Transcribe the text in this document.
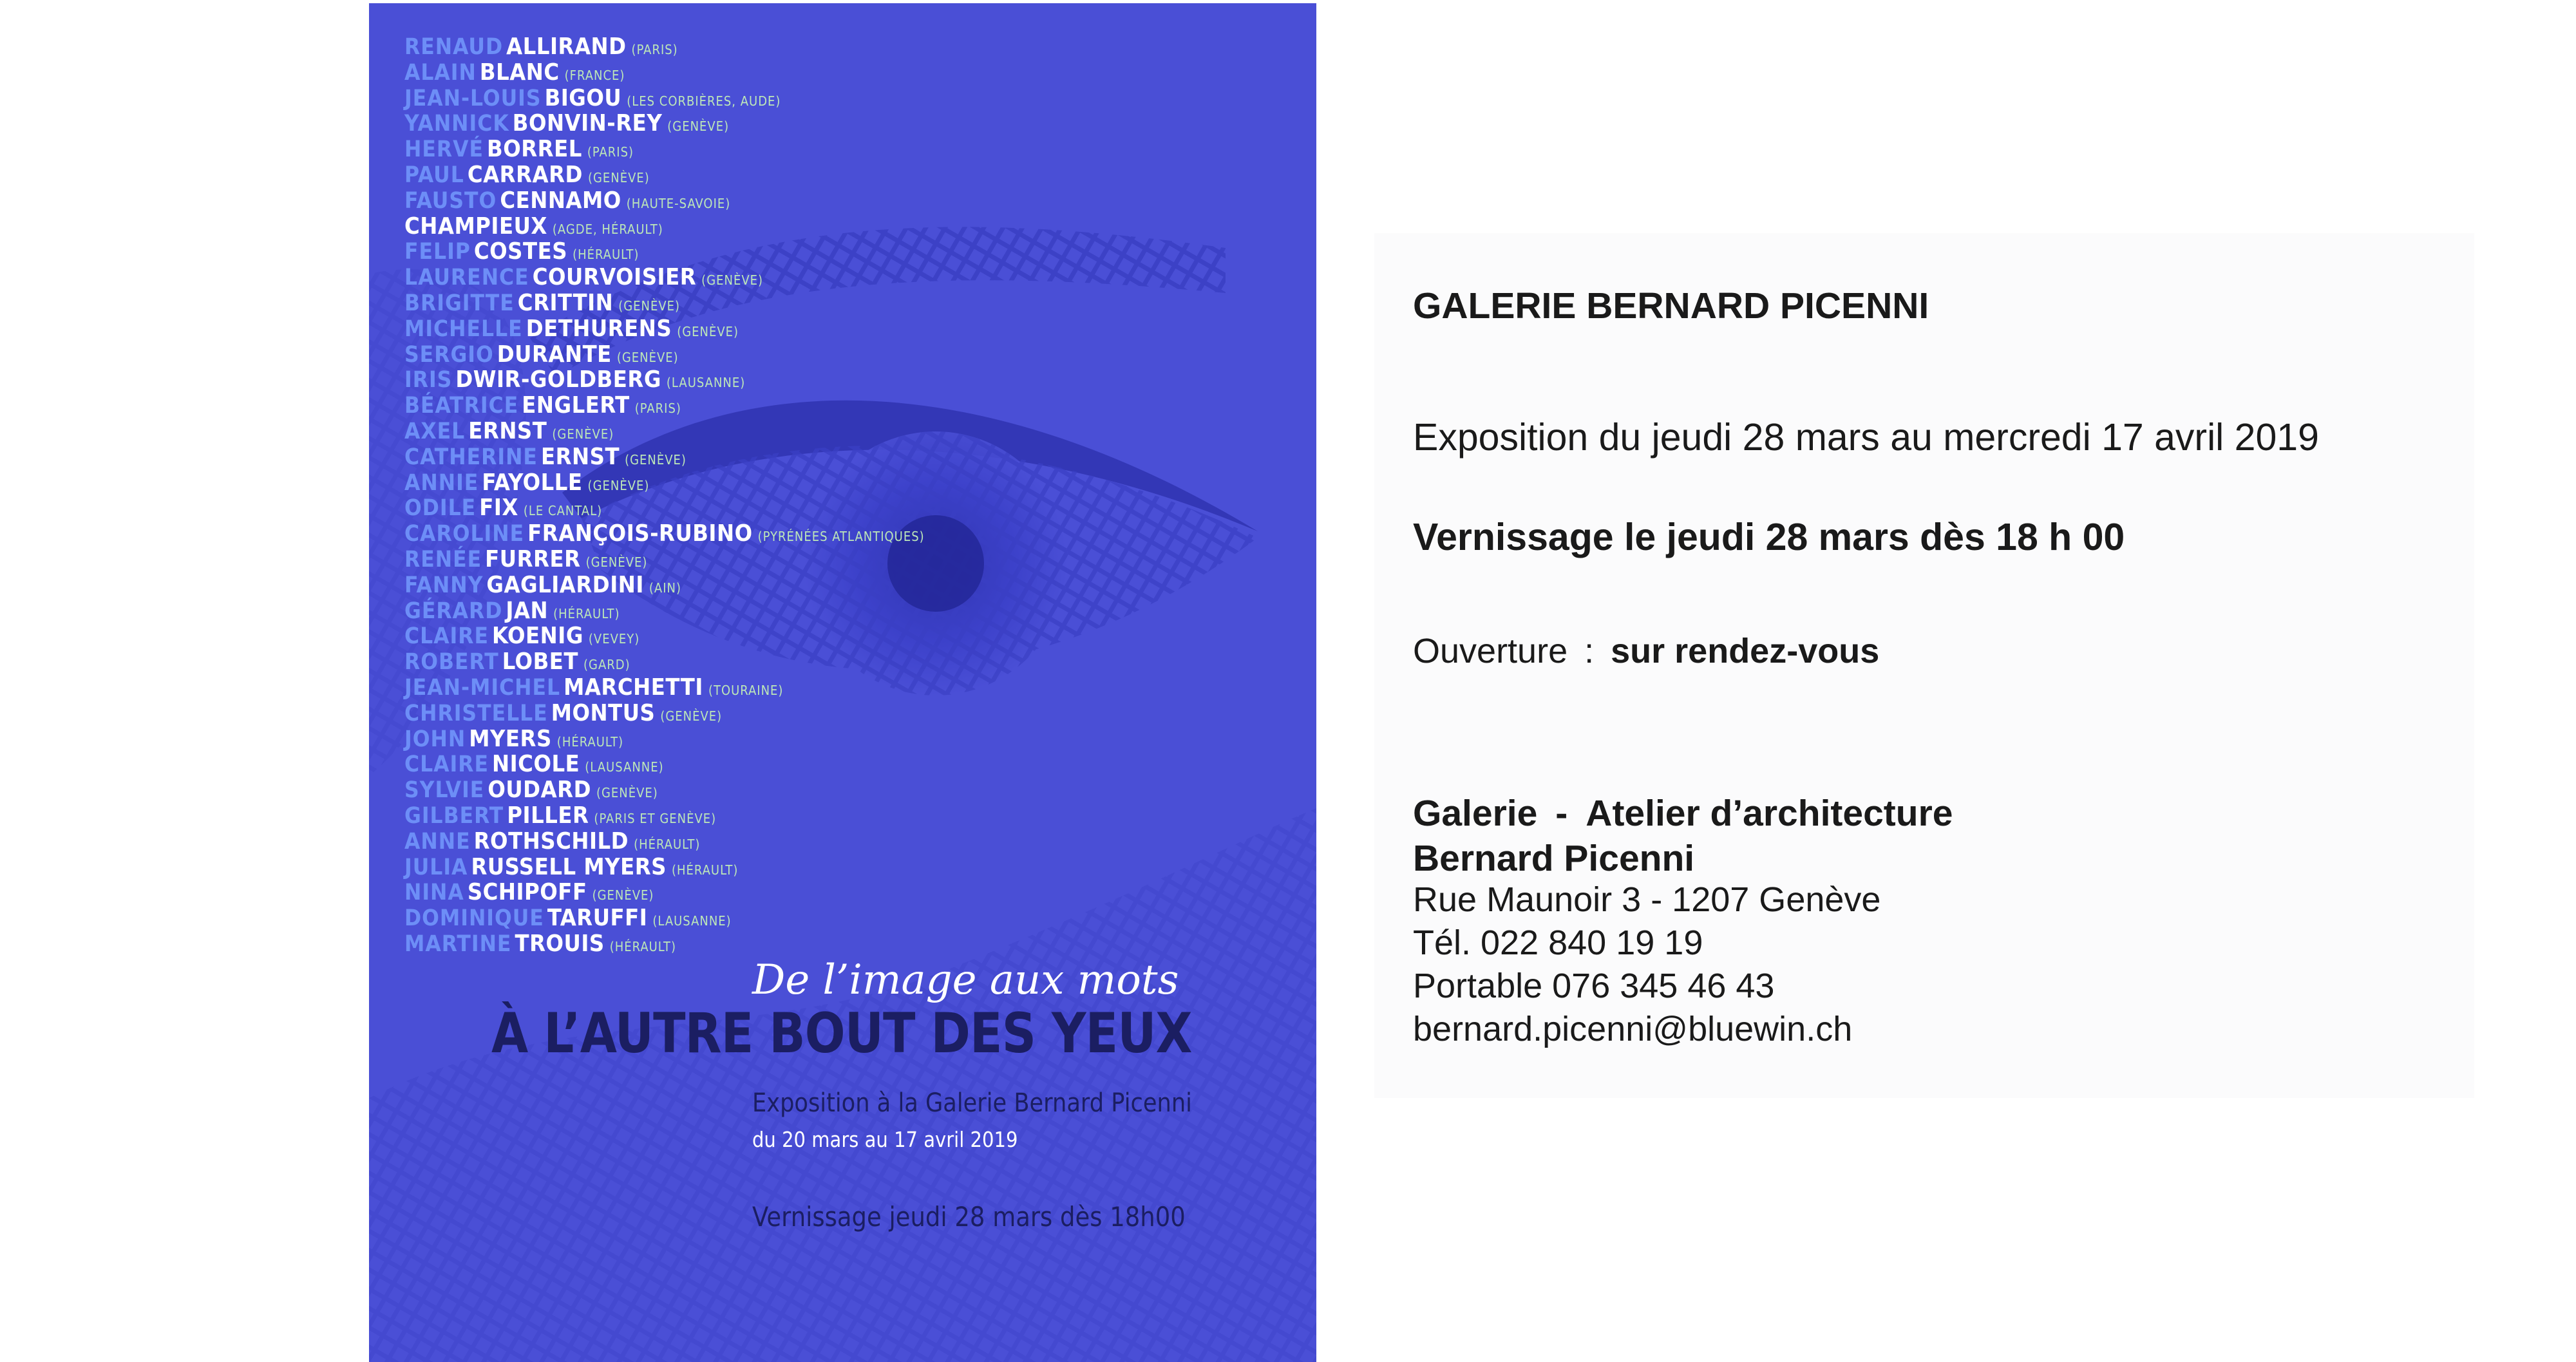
RENAUD ALLIRAND (PARIS)
ALAIN BLANC (FRANCE)
JEAN-LOUIS BIGOU (LES CORBIÈRES, AUDE)
YANNICK BONVIN-REY (GENÈVE)
HERVÉ BORREL (PARIS)
PAUL CARRARD (GENÈVE)
FAUSTO CENNAMO (HAUTE-SAVOIE)
CHAMPIEUX (AGDE, HÉRAULT)
FELIP COSTES (HÉRAULT)
LAURENCE COURVOISIER (GENÈVE)
BRIGITTE CRITTIN (GENÈVE)
MICHELLE DETHURENS (GENÈVE)
SERGIO DURANTE (GENÈVE)
IRIS DWIR-GOLDBERG (LAUSANNE)
BÉATRICE ENGLERT (PARIS)
AXEL ERNST (GENÈVE)
CATHERINE ERNST (GENÈVE)
ANNIE FAYOLLE (GENÈVE)
ODILE FIX (LE CANTAL)
CAROLINE FRANÇOIS-RUBINO (PYRÉNÉES ATLANTIQUES)
RENÉE FURRER (GENÈVE)
FANNY GAGLIARDINI (AIN)
GÉRARD JAN (HÉRAULT)
CLAIRE KOENIG (VEVEY)
ROBERT LOBET (GARD)
JEAN-MICHEL MARCHETTI (TOURAINE)
CHRISTELLE MONTUS (GENÈVE)
JOHN MYERS (HÉRAULT)
CLAIRE NICOLE (LAUSANNE)
SYLVIE OUDARD (GENÈVE)
GILBERT PILLER (PARIS ET GENÈVE)
ANNE ROTHSCHILD (HÉRAULT)
JULIA RUSSELL MYERS (HÉRAULT)
NINA SCHIPOFF (GENÈVE)
DOMINIQUE TARUFFI (LAUSANNE)
MARTINE TROUIS (HÉRAULT)
De l’image aux mots
À L’AUTRE BOUT DES YEUX
Exposition à la Galerie Bernard Picenni
du 20 mars au 17 avril 2019
Vernissage jeudi 28 mars dès 18h00
GALERIE BERNARD PICENNI
Exposition du jeudi 28 mars au mercredi 17 avril 2019
Vernissage le jeudi 28 mars dès 18 h 00
Ouverture : sur rendez-vous
Galerie - Atelier d’architecture
Bernard Picenni
Rue Maunoir 3 - 1207 Genève
Tél. 022 840 19 19
Portable 076 345 46 43
bernard.picenni@bluewin.ch
